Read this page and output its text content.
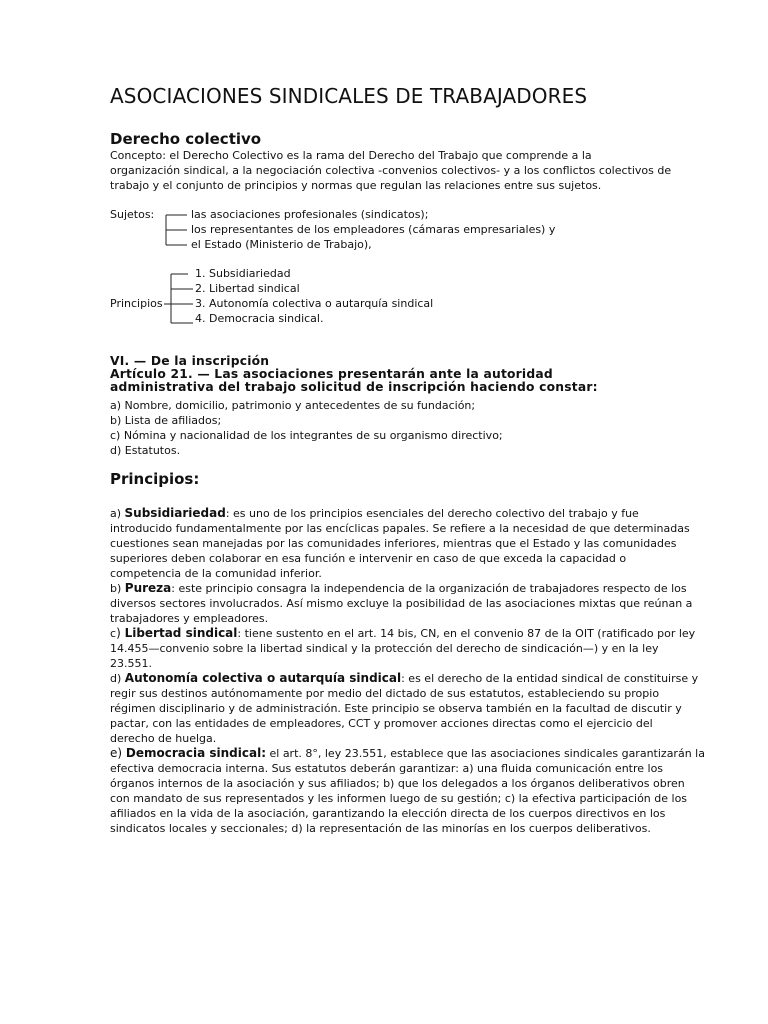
ASOCIACIONES SINDICALES DE TRABAJADORES
Derecho colectivo
Concepto: el Derecho Colectivo es la rama del Derecho del Trabajo que comprende a la
organización sindical, a la negociación colectiva -convenios colectivos- y a los conflictos colectivos de
trabajo y el conjunto de principios y normas que regulan las relaciones entre sus sujetos.
Sujetos:	las asociaciones profesionales (sindicatos);
los representantes de los empleadores (cámaras empresariales) y
el Estado (Ministerio de Trabajo),
Principios
1. Subsidiariedad
2. Libertad sindical
3. Autonomía colectiva o autarquía sindical
4. Democracia sindical.
VI. — De la inscripción
Artículo 21. — Las asociaciones presentarán ante la autoridad
administrativa del trabajo solicitud de inscripción haciendo constar:
a) Nombre, domicilio, patrimonio y antecedentes de su fundación;
b) Lista de afiliados;
c) Nómina y nacionalidad de los integrantes de su organismo directivo;
d) Estatutos.
Principios:
a) Subsidiariedad: es uno de los principios esenciales del derecho colectivo del trabajo y fue
introducido fundamentalmente por las encíclicas papales. Se refiere a la necesidad de que determinadas
cuestiones sean manejadas por las comunidades inferiores, mientras que el Estado y las comunidades
superiores deben colaborar en esa función e intervenir en caso de que exceda la capacidad o
competencia de la comunidad inferior.
b) Pureza: este principio consagra la independencia de la organización de trabajadores respecto de los
diversos sectores involucrados. Así mismo excluye la posibilidad de las asociaciones mixtas que reúnan a
trabajadores y empleadores.
c) Libertad sindical: tiene sustento en el art. 14 bis, CN, en el convenio 87 de la OIT (ratificado por ley
14.455—convenio sobre la libertad sindical y la protección del derecho de sindicación—) y en la ley
23.551.
d) Autonomía colectiva o autarquía sindical: es el derecho de la entidad sindical de constituirse y
regir sus destinos autónomamente por medio del dictado de sus estatutos, estableciendo su propio
régimen disciplinario y de administración. Este principio se observa también en la facultad de discutir y
pactar, con las entidades de empleadores, CCT y promover acciones directas como el ejercicio del
derecho de huelga.
e) Democracia sindical: el art. 8°, ley 23.551, establece que las asociaciones sindicales garantizarán la
efectiva democracia interna. Sus estatutos deberán garantizar: a) una fluida comunicación entre los
órganos internos de la asociación y sus afiliados; b) que los delegados a los órganos deliberativos obren
con mandato de sus representados y les informen luego de su gestión; c) la efectiva participación de los
afiliados en la vida de la asociación, garantizando la elección directa de los cuerpos directivos en los
sindicatos locales y seccionales; d) la representación de las minorías en los cuerpos deliberativos.
